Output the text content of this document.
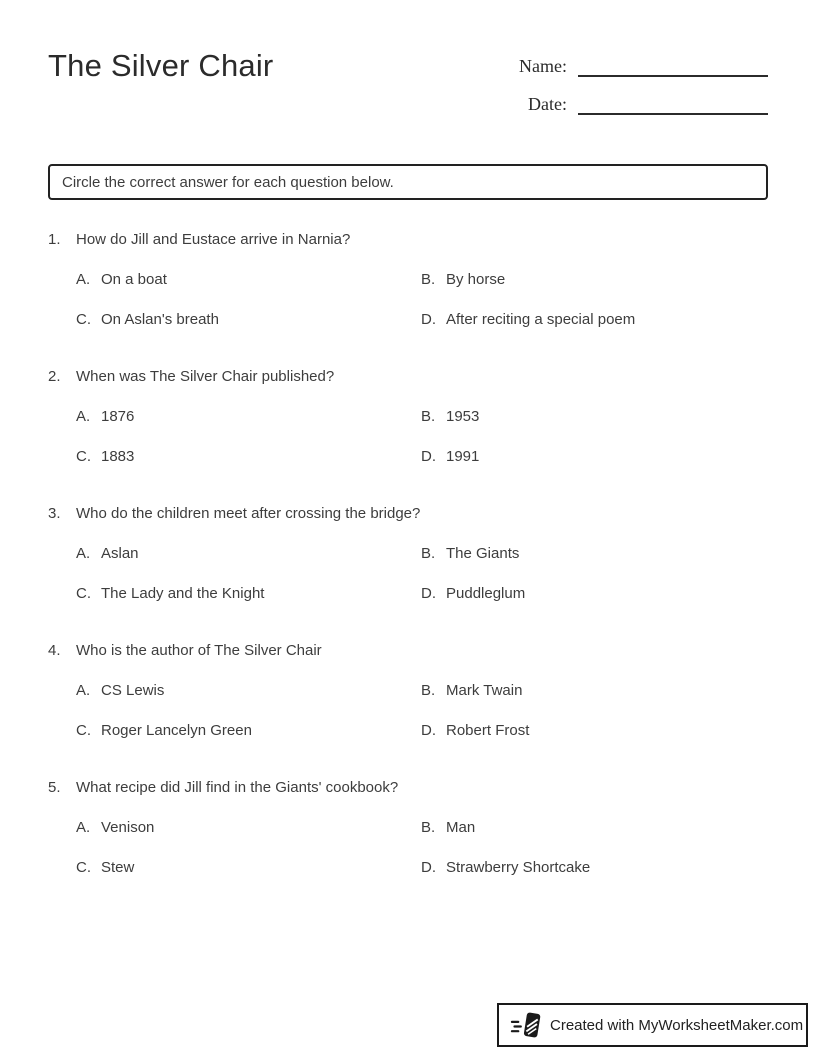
The Silver Chair	Name:
Date:
Circle the correct answer for each question below.
1.	How do Jill and Eustace arrive in Narnia?
A. On a boat	B. By horse
C. On Aslan's breath	D. After reciting a special poem
2.	When was The Silver Chair published?
A. 1876	B. 1953
C. 1883	D. 1991
3.	Who do the children meet after crossing the bridge?
A. Aslan	B. The Giants
C. The Lady and the Knight	D. Puddleglum
4.	Who is the author of The Silver Chair
A. CS Lewis	B. Mark Twain
C. Roger Lancelyn Green	D. Robert Frost
5.	What recipe did Jill find in the Giants' cookbook?
A. Venison	B. Man
C. Stew	D. Strawberry Shortcake
Created with MyWorksheetMaker.com
